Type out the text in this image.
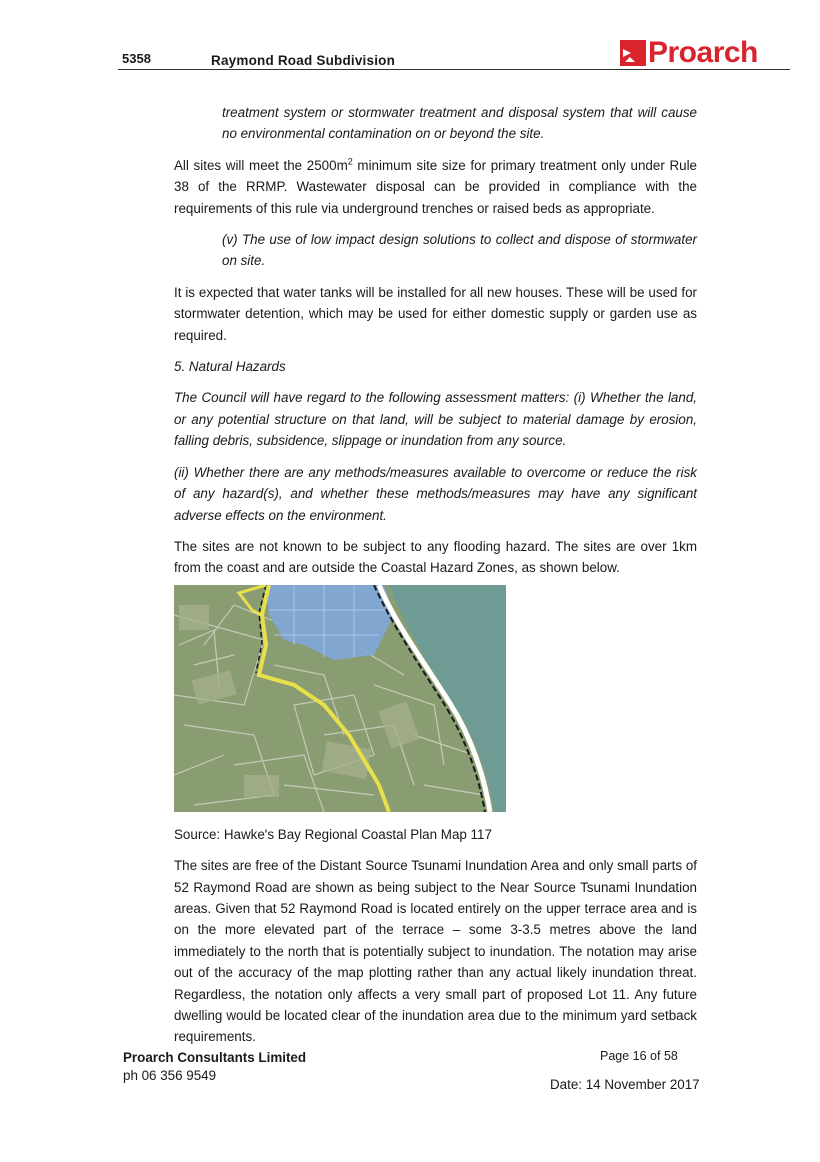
5358	Raymond Road Subdivision	Proarch

treatment system or stormwater treatment and disposal system that will cause no environmental contamination on or beyond the site.

All sites will meet the $2500m^2$ minimum site size for primary treatment only under Rule 38 of the RRMP. Wastewater disposal can be provided in compliance with the requirements of this rule via underground trenches or raised beds as appropriate.

(v) The use of low impact design solutions to collect and dispose of stormwater on site.

It is expected that water tanks will be installed for all new houses. These will be used for stormwater detention, which may be used for either domestic supply or garden use as required.

5. Natural Hazards

The Council will have regard to the following assessment matters: (i) Whether the land, or any potential structure on that land, will be subject to material damage by erosion, falling debris, subsidence, slippage or inundation from any source.

(ii) Whether there are any methods/measures available to overcome or reduce the risk of any hazard(s), and whether these methods/measures may have any significant adverse effects on the environment.

The sites are not known to be subject to any flooding hazard. The sites are over 1km from the coast and are outside the Coastal Hazard Zones, as shown below.

Source: Hawke's Bay Regional Coastal Plan Map 117

The sites are free of the Distant Source Tsunami Inundation Area and only small parts of 52 Raymond Road are shown as being subject to the Near Source Tsunami Inundation areas. Given that 52 Raymond Road is located entirely on the upper terrace area and is on the more elevated part of the terrace – some 3-3.5 metres above the land immediately to the north that is potentially subject to inundation. The notation may arise out of the accuracy of the map plotting rather than any actual likely inundation threat. Regardless, the notation only affects a very small part of proposed Lot 11. Any future dwelling would be located clear of the inundation area due to the minimum yard setback requirements.

Proarch Consultants Limited
ph 06 356 9549
Page 16 of 58
Date: 14 November 2017
